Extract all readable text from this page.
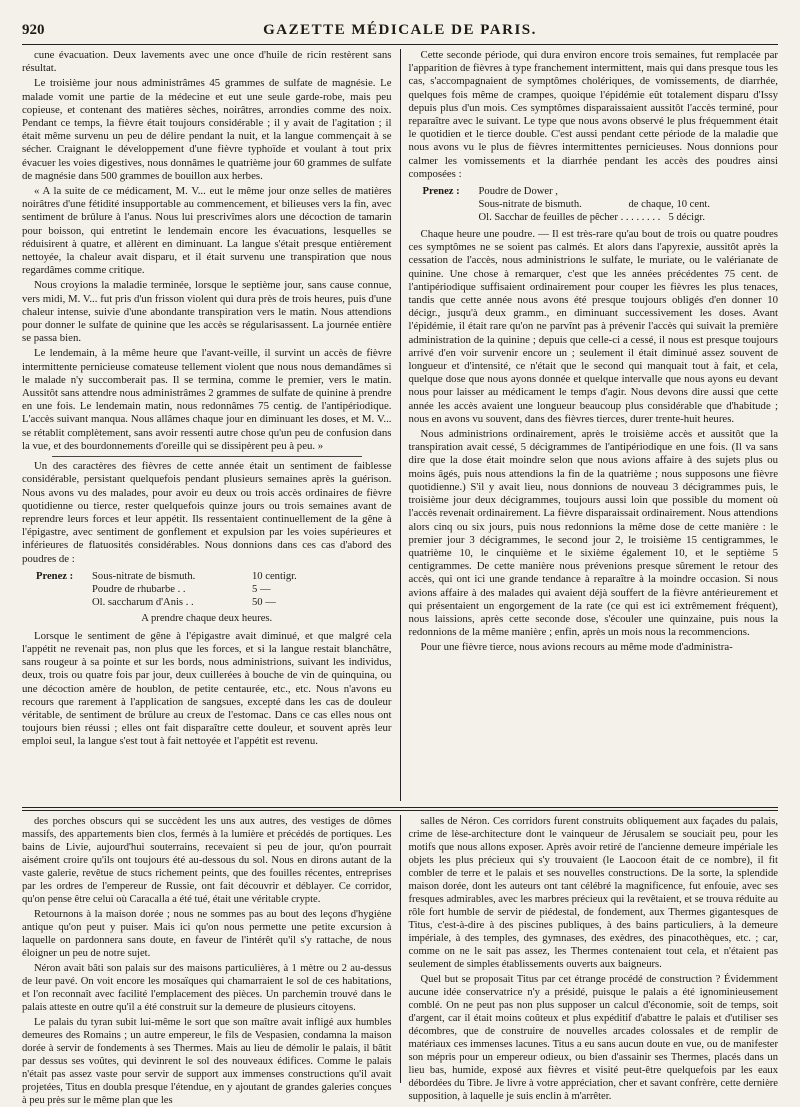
920	GAZETTE MÉDICALE DE PARIS.

cune évacuation. Deux lavements avec une once d'huile de ricin restèrent sans résultat.

Le troisième jour nous administrâmes 45 grammes de sulfate de magnésie. Le malade vomit une partie de la médecine et eut une seule garde-robe, mais peu copieuse, et contenant des matières sèches, noirâtres, arrondies comme des noix. Pendant ce temps, la fièvre était toujours considérable ; il y avait de l'agitation ; il était même survenu un peu de délire pendant la nuit, et la langue commençait à se sécher. Craignant le développement d'une fièvre typhoïde et voulant à tout prix évacuer les voies digestives, nous donnâmes le quatrième jour 60 grammes de sulfate de magnésie dans 500 grammes de bouillon aux herbes.

« A la suite de ce médicament, M. V... eut le même jour onze selles de matières noirâtres d'une fétidité insupportable au commencement, et bilieuses vers la fin, avec sentiment de brûlure à l'anus. Nous lui prescrivîmes alors une décoction de tamarin pour boisson, qui entretint le lendemain encore les évacuations, lesquelles se réduisirent à quatre, et allèrent en diminuant. La langue s'était presque entièrement nettoyée, la chaleur avait disparu, et il était survenu une transpiration que nous regardâmes comme critique.

Nous croyions la maladie terminée, lorsque le septième jour, sans cause connue, vers midi, M. V... fut pris d'un frisson violent qui dura près de trois heures, puis d'une chaleur intense, suivie d'une abondante transpiration vers le matin. Nous attendions pour donner le sulfate de quinine que les accès se régularisassent. La journée entière se passa bien.

Le lendemain, à la même heure que l'avant-veille, il survint un accès de fièvre intermittente pernicieuse comateuse tellement violent que nous nous demandâmes si le malade n'y succomberait pas. Il se termina, comme le premier, vers le matin. Aussitôt sans attendre nous administrâmes 2 grammes de sulfate de quinine à prendre en une fois. Le lendemain matin, nous redonnâmes 75 centig. de l'antipériodique. L'accès suivant manqua. Nous allâmes chaque jour en diminuant les doses, et M. V... se rétablit complètement, sans avoir ressenti autre chose qu'un peu de confusion dans la vue, et des bourdonnements d'oreille qui se dissipèrent peu à peu. »

Un des caractères des fièvres de cette année était un sentiment de faiblesse considérable, persistant quelquefois pendant plusieurs semaines après la guérison. Nous avons vu des malades, pour avoir eu deux ou trois accès ordinaires de fièvre quotidienne ou tierce, rester quelquefois quinze jours ou trois semaines avant de reprendre leurs forces et leur appétit. Ils ressentaient continuellement de la gêne à l'épigastre, avec sentiment de gonflement et expulsion par les voies supérieures et inférieures de flatuosités considérables. Nous donnions dans ces cas d'abord des poudres de :

Prenez :	Sous-nitrate de bismuth.	10 centigr.
Poudre de rhubarbe . .	5 —
Ol. saccharum d'Anis . .	50 —
A prendre chaque deux heures.

Lorsque le sentiment de gêne à l'épigastre avait diminué, et que malgré cela l'appétit ne revenait pas, non plus que les forces, et si la langue restait blanchâtre, sans rougeur à sa pointe et sur les bords, nous administrions, suivant les individus, deux, trois ou quatre fois par jour, deux cuillerées à bouche de vin de quinquina, ou une décoction amère de houblon, de petite centaurée, etc., etc. Nous n'avons eu recours que rarement à l'application de sangsues, excepté dans les cas de douleur véritable, de sentiment de brûlure au creux de l'estomac. Dans ce cas elles nous ont toujours bien réussi ; elles ont fait disparaître cette douleur, et souvent après leur emploi seul, la langue s'est tout à fait nettoyée et l'appétit est revenu.

Cette seconde période, qui dura environ encore trois semaines, fut remplacée par l'apparition de fièvres à type franchement intermittent, mais qui dans presque tous les cas, s'accompagnaient de symptômes cholériques, de vomissements, de diarrhée, quelques fois même de crampes, quoique l'épidémie eût totalement disparu d'Issy depuis plus d'un mois. Ces symptômes disparaissaient aussitôt l'accès terminé, pour reparaître avec le suivant. Le type que nous avons observé le plus fréquemment était le quotidien et le tierce double. C'est aussi pendant cette période de la maladie que nous avons vu le plus de fièvres intermittentes pernicieuses. Nous donnions pour calmer les vomissements et la diarrhée pendant les accès des poudres ainsi composées :

Prenez :	Poudre de Dower ,
Sous-nitrate de bismuth.	de chaque, 10 cent.
Ol. Sacchar de feuilles de pêcher . . . . . . . . 5 décigr.

Chaque heure une poudre. — Il est très-rare qu'au bout de trois ou quatre poudres ces symptômes ne se soient pas calmés. Et alors dans l'apyrexie, aussitôt après la cessation de l'accès, nous administrions le sulfate, le muriate, ou le valérianate de quinine. Une chose à remarquer, c'est que les années précédentes 75 cent. de l'antipériodique suffisaient ordinairement pour couper les fièvres les plus tenaces, tandis que cette année nous avons été presque toujours obligés d'en donner 10 décigr., jusqu'à deux gramm., en diminuant successivement les doses. Avant l'épidémie, il était rare qu'on ne parvînt pas à prévenir l'accès qui suivait la première administration de la quinine ; depuis que celle-ci a cessé, il nous est presque toujours arrivé d'en voir survenir encore un ; seulement il était diminué assez souvent de longueur et d'intensité, ce n'était que le second qui manquait tout à fait, et cela, quelque dose que nous ayons donnée et quelque intervalle que nous ayons eu devant nous pour laisser au médicament le temps d'agir. Nous devons dire aussi que cette année les accès avaient une longueur beaucoup plus considérable que d'habitude ; nous en avons vu souvent, dans des fièvres tierces, durer trente-huit heures.

Nous administrions ordinairement, après le troisième accès et aussitôt que la transpiration avait cessé, 5 décigrammes de l'antipériodique en une fois. (Il va sans dire que la dose était moindre selon que nous avions affaire à des sujets plus ou moins âgés, puis nous attendions la fin de la quatrième ; nous supposons une fièvre quotidienne.) S'il y avait lieu, nous donnions de nouveau 3 décigrammes puis, le troisième jour deux décigrammes, toujours aussi loin que possible du moment où l'accès revenait ordinairement. La fièvre disparaissait ordinairement. Nous attendions alors cinq ou six jours, puis nous redonnions la même dose de cette manière : le premier jour 3 décigrammes, le second jour 2, le troisième 15 centigrammes, le quatrième 10, le cinquième et le sixième également 10, et le septième 5 centigrammes. De cette manière nous prévenions presque sûrement le retour des accès, qui ont ici une grande tendance à reparaître à la moindre occasion. Si nous avions affaire à des malades qui avaient déjà souffert de la fièvre antérieurement et qui présentaient un engorgement de la rate (ce qui est ici extrêmement fréquent), nous laissions, après cette seconde dose, s'écouler une quinzaine, puis nous la redonnions de la même manière ; enfin, après un mois nous la recommencions.

Pour une fièvre tierce, nous avions recours au même mode d'administra-

des porches obscurs qui se succèdent les uns aux autres, des vestiges de dômes massifs, des appartements bien clos, fermés à la lumière et précédés de portiques. Les bains de Livie, aujourd'hui souterrains, recevaient si peu de jour, qu'on pourrait aisément croire qu'ils ont toujours été au-dessous du sol. Nous en dirons autant de la vaste galerie, revêtue de stucs richement peints, que des fouilles récentes, entreprises par les ordres de l'empereur de Russie, ont fait découvrir et déblayer. Ce corridor, qu'on pense être celui où Caracalla a été tué, était une véritable crypte.

Retournons à la maison dorée ; nous ne sommes pas au bout des leçons d'hygiène antique qu'on peut y puiser. Mais ici qu'on nous permette une petite excursion à laquelle on pardonnera sans doute, en faveur de l'intérêt qu'il s'y rattache, de nous éloigner un peu de notre sujet.

Néron avait bâti son palais sur des maisons particulières, à 1 mètre ou 2 au-dessus de leur pavé. On voit encore les mosaïques qui chamarraient le sol de ces habitations, et l'on reconnaît avec facilité l'emplacement des pièces. Un parchemin trouvé dans le palais atteste en outre qu'il a été construit sur la demeure de plusieurs citoyens.

Le palais du tyran subit lui-même le sort que son maître avait infligé aux humbles demeures des Romains ; un autre empereur, le fils de Vespasien, condamna la maison dorée à servir de fondements à ses Thermes. Mais au lieu de démolir le palais, il bâtit par dessus ses voûtes, qui devinrent le sol des nouveaux édifices. Comme le palais n'était pas assez vaste pour servir de support aux immenses constructions qu'il avait projetées, Titus en doubla presque l'étendue, en y ajoutant de grandes galeries conçues à peu près sur le même plan que les

salles de Néron. Ces corridors furent construits obliquement aux façades du palais, crime de lèse-architecture dont le vainqueur de Jérusalem se souciait peu, pour les motifs que nous allons exposer. Après avoir retiré de l'ancienne demeure impériale les objets les plus précieux qui s'y trouvaient (le Laocoon était de ce nombre), il fit combler de terre et le palais et ses nouvelles constructions. De la sorte, la splendide maison dorée, dont les auteurs ont tant célébré la magnificence, fut enfouie, avec ses fresques admirables, avec les marbres précieux qui la revêtaient, et se trouva réduite au rôle fort humble de servir de piédestal, de fondement, aux Thermes gigantesques de Titus, c'est-à-dire à des piscines publiques, à des bains particuliers, à la demeure impériale, à des temples, des gymnases, des exèdres, des pinacothèques, etc. ; car, comme on ne le sait pas assez, les Thermes contenaient tout cela, et n'étaient pas seulement de simples établissements ouverts aux baigneurs.

Quel but se proposait Titus par cet étrange procédé de construction ? Évidemment aucune idée conservatrice n'y a présidé, puisque le palais a été ignominieusement comblé. On ne peut pas non plus supposer un calcul d'économie, soit de temps, soit d'argent, car il était moins coûteux et plus expéditif d'abattre le palais et d'utiliser ses décombres, que de construire de nouvelles arcades colossales et de remplir de matériaux ces immenses lacunes. Titus a eu sans aucun doute en vue, ou de manifester son mépris pour un empereur odieux, ou bien d'assainir ses Thermes, placés dans un lieu bas, humide, exposé aux fièvres et visité peut-être quelquefois par les eaux débordées du Tibre. Je livre à votre appréciation, cher et savant confrère, cette dernière supposition, à laquelle je suis enclin à m'arrêter.
